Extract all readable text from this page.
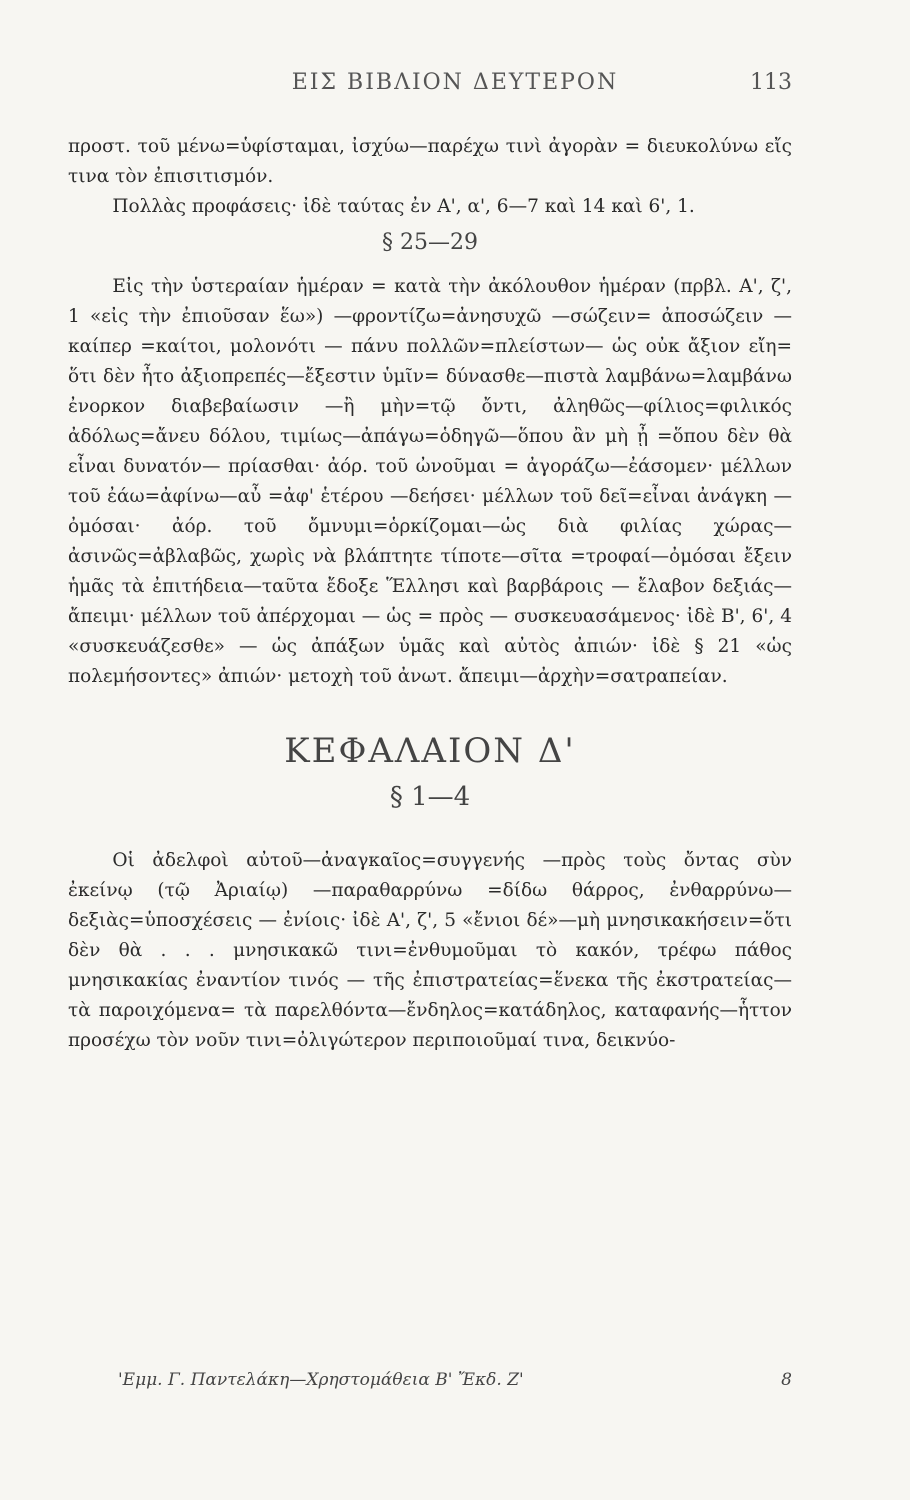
ΕΙΣ ΒΙΒΛΙΟΝ ΔΕΥΤΕΡΟΝ	113

προστ. τοῦ μένω=ὑφίσταμαι, ἰσχύω—παρέχω τινὶ ἀγορὰν = διευκολύνω εἴς τινα τὸν ἐπισιτισμόν.

Πολλὰς προφάσεις· ἰδὲ ταύτας ἐν Α', α', 6—7 καὶ 14 καὶ 6', 1.

§ 25—29

Εἰς τὴν ὑστεραίαν ἡμέραν = κατὰ τὴν ἀκόλουθον ἡμέραν (πρβλ. Α', ζ', 1 «εἰς τὴν ἐπιοῦσαν ἕω») —φροντίζω=ἀνησυχῶ —σώζειν= ἀποσώζειν — καίπερ =καίτοι, μολονότι — πάνυ πολλῶν=πλείστων— ὡς οὐκ ἄξιον εἴη= ὅτι δὲν ἦτο ἀξιοπρεπές—ἔξεστιν ὑμῖν= δύνασθε—πιστὰ λαμβάνω=λαμβάνω ἐνορκον διαβεβαίωσιν —ἢ μὴν=τῷ ὄντι, ἀληθῶς—φίλιος=φιλικός ἀδόλως=ἄνευ δόλου, τιμίως—ἀπάγω=ὁδηγῶ—ὅπου ἂν μὴ ᾖ =ὅπου δὲν θὰ εἶναι δυνατόν— πρίασθαι· ἀόρ. τοῦ ὠνοῦμαι = ἀγοράζω—ἐάσομεν· μέλλων τοῦ ἐάω=ἀφίνω—αὖ =ἀφ' ἑτέρου —δεήσει· μέλλων τοῦ δεῖ=εἶναι ἀνάγκη — ὀμόσαι· ἀόρ. τοῦ ὄμνυμι=ὁρκίζομαι—ὡς διὰ φιλίας χώρας—ἀσινῶς=ἀβλαβῶς, χωρὶς νὰ βλάπτητε τίποτε—σῖτα =τροφαί—ὀμόσαι ἔξειν ἡμᾶς τὰ ἐπιτήδεια—ταῦτα ἔδοξε Ἕλλησι καὶ βαρβάροις — ἔλαβον δεξιάς—ἄπειμι· μέλλων τοῦ ἀπέρχομαι — ὡς = πρὸς — συσκευασάμενος· ἰδὲ Β', 6', 4 «συσκευάζεσθε» — ὡς ἀπάξων ὑμᾶς καὶ αὐτὸς ἀπιών· ἰδὲ § 21 «ὡς πολεμήσοντες» ἀπιών· μετοχὴ τοῦ ἀνωτ. ἄπειμι—ἀρχὴν=σατραπείαν.

ΚΕΦΑΛΑΙΟΝ Δ'
§ 1—4

Οἱ ἀδελφοὶ αὐτοῦ—ἀναγκαῖος=συγγενής —πρὸς τοὺς ὄντας σὺν ἐκείνῳ (τῷ Ἀριαίῳ) —παραθαρρύνω =δίδω θάρρος, ἐνθαρρύνω—δεξιὰς=ὑποσχέσεις — ἐνίοις· ἰδὲ Α', ζ', 5 «ἔνιοι δέ»—μὴ μνησικακήσειν=ὅτι δὲν θὰ . . . μνησικακῶ τινι=ἐνθυμοῦμαι τὸ κακόν, τρέφω πάθος μνησικακίας ἐναντίον τινός — τῆς ἐπιστρατείας=ἕνεκα τῆς ἐκστρατείας—τὰ παροιχόμενα= τὰ παρελθόντα—ἔνδηλος=κατάδηλος, καταφανής—ἧττον προσέχω τὸν νοῦν τινι=ὀλιγώτερον περιποιοῦμαί τινα, δεικνύο-

'Εμμ. Γ. Παντελάκη—Χρηστομάθεια Β' Ἔκδ. Ζ'	8
